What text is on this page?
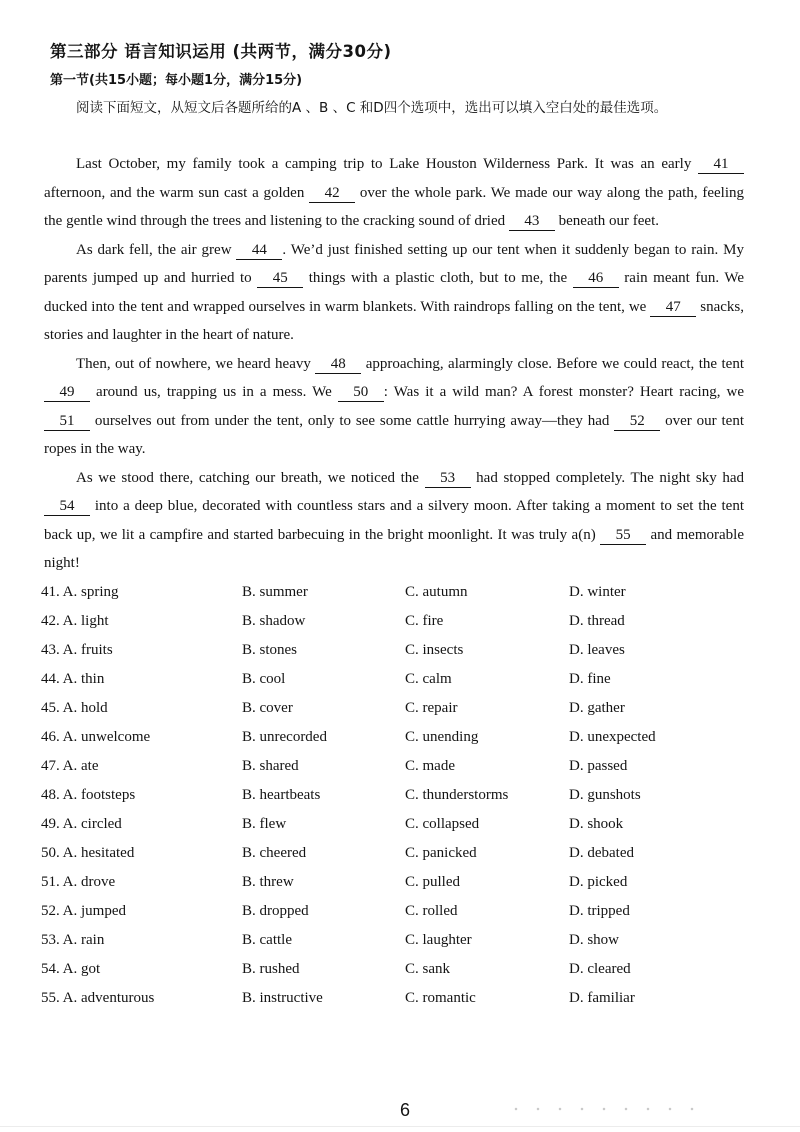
第三部分 语言知识运用 (共两节，满分30分)
第一节(共15小题；每小题1分，满分15分)

阅读下面短文，从短文后各题所给的A 、B 、C 和D四个选项中，选出可以填入空白处的最佳选项。

Last October, my family took a camping trip to Lake Houston Wilderness Park. It was an early 41 afternoon, and the warm sun cast a golden 42 over the whole park. We made our way along the path, feeling the gentle wind through the trees and listening to the cracking sound of dried 43 beneath our feet.

As dark fell, the air grew 44 . We’d just finished setting up our tent when it suddenly began to rain. My parents jumped up and hurried to 45 things with a plastic cloth, but to me, the 46 rain meant fun. We ducked into the tent and wrapped ourselves in warm blankets. With raindrops falling on the tent, we 47 snacks, stories and laughter in the heart of nature.

Then, out of nowhere, we heard heavy 48 approaching, alarmingly close. Before we could react, the tent 49 around us, trapping us in a mess. We 50 : Was it a wild man? A forest monster? Heart racing, we 51 ourselves out from under the tent, only to see some cattle hurrying away—they had 52 over our tent ropes in the way.

As we stood there, catching our breath, we noticed the 53 had stopped completely. The night sky had 54 into a deep blue, decorated with countless stars and a silvery moon. After taking a moment to set the tent back up, we lit a campfire and started barbecuing in the bright moonlight. It was truly a(n) 55 and memorable night!

41. A. spring	B. summer	C. autumn	D. winter
42. A. light	B. shadow	C. fire	D. thread
43. A. fruits	B. stones	C. insects	D. leaves
44. A. thin	B. cool	C. calm	D. fine
45. A. hold	B. cover	C. repair	D. gather
46. A. unwelcome	B. unrecorded	C. unending	D. unexpected
47. A. ate	B. shared	C. made	D. passed
48. A. footsteps	B. heartbeats	C. thunderstorms	D. gunshots
49. A. circled	B. flew	C. collapsed	D. shook
50. A. hesitated	B. cheered	C. panicked	D. debated
51. A. drove	B. threw	C. pulled	D. picked
52. A. jumped	B. dropped	C. rolled	D. tripped
53. A. rain	B. cattle	C. laughter	D. show
54. A. got	B. rushed	C. sank	D. cleared
55. A. adventurous	B. instructive	C. romantic	D. familiar

6
